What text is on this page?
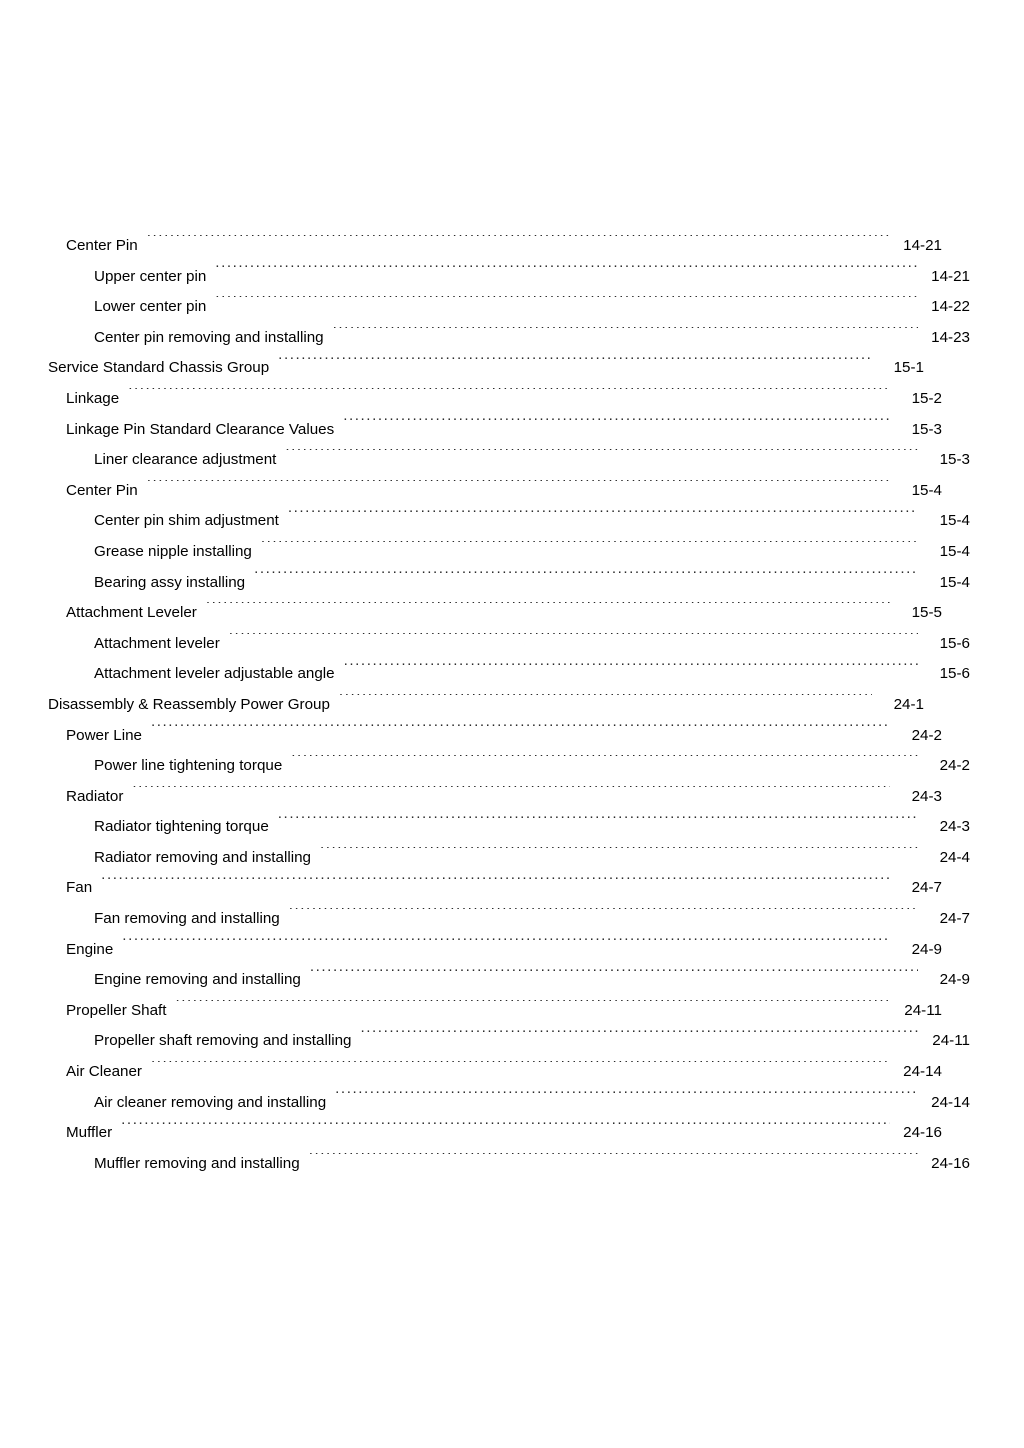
Center Pin .....	14-21
Upper center pin .....	14-21
Lower center pin .....	14-22
Center pin removing and installing .....	14-23
Service Standard Chassis Group .....	15-1
Linkage .....	15-2
Linkage Pin Standard Clearance Values .....	15-3
Liner clearance adjustment .....	15-3
Center Pin .....	15-4
Center pin shim adjustment .....	15-4
Grease nipple installing .....	15-4
Bearing assy installing .....	15-4
Attachment Leveler .....	15-5
Attachment leveler .....	15-6
Attachment leveler adjustable angle .....	15-6
Disassembly & Reassembly Power Group .....	24-1
Power Line .....	24-2
Power line tightening torque .....	24-2
Radiator .....	24-3
Radiator tightening torque .....	24-3
Radiator removing and installing .....	24-4
Fan .....	24-7
Fan removing and installing .....	24-7
Engine .....	24-9
Engine removing and installing .....	24-9
Propeller Shaft .....	24-11
Propeller shaft removing and installing .....	24-11
Air Cleaner .....	24-14
Air cleaner removing and installing .....	24-14
Muffler .....	24-16
Muffler removing and installing .....	24-16
